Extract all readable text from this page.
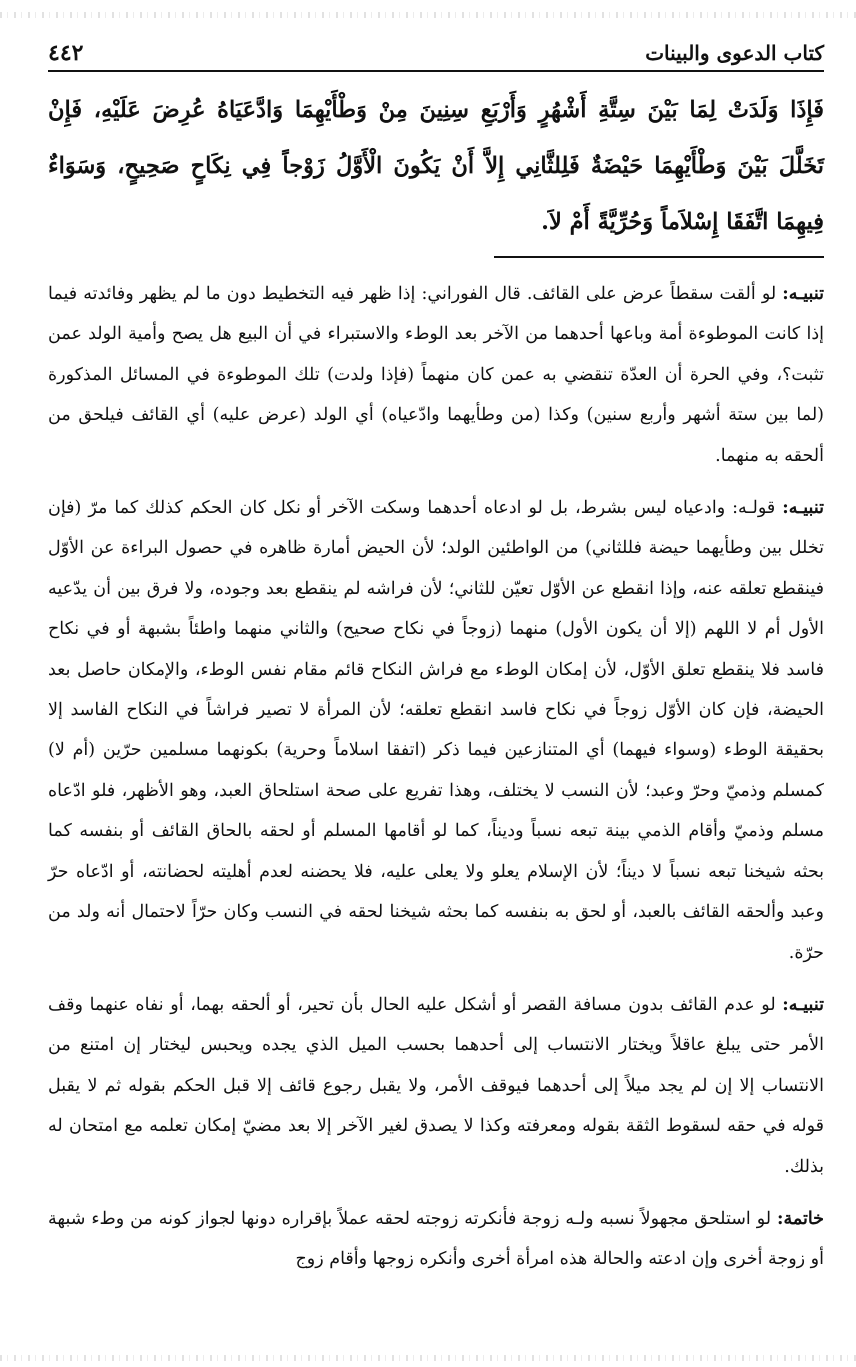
كتاب الدعوى والبينات
٤٤٢

فَإِذَا وَلَدَتْ لِمَا بَيْنَ سِتَّةِ أَشْهُرٍ وَأَرْبَعِ سِنِينَ مِنْ وَطْأَيْهِمَا وَادَّعَيَاهُ عُرِضَ عَلَيْهِ، فَإِنْ تَخَلَّلَ بَيْنَ وَطْأَيْهِمَا حَيْضَةٌ فَلِلثَّانِي إِلاَّ أَنْ يَكُونَ الْأَوَّلُ زَوْجاً فِي نِكَاحٍ صَحِيحٍ، وَسَوَاءٌ فِيهِمَا اتَّفَقَا إِسْلاَماً وَحُرِّيَّةً أَمْ لاَ.

تنبيـه: لو ألقت سقطاً عرض على القائف. قال الفوراني: إذا ظهر فيه التخطيط دون ما لم يظهر وفائدته فيما إذا كانت الموطوءة أمة وباعها أحدهما من الآخر بعد الوطء والاستبراء في أن البيع هل يصح وأمية الولد عمن تثبت؟، وفي الحرة أن العدّة تنقضي به عمن كان منهماً (فإذا ولدت) تلك الموطوءة في المسائل المذكورة (لما بين ستة أشهر وأربع سنين) وكذا (من وطأيهما وادّعياه) أي الولد (عرض عليه) أي القائف فيلحق من ألحقه به منهما.

تنبيـه: قولـه: وادعياه ليس بشرط، بل لو ادعاه أحدهما وسكت الآخر أو نكل كان الحكم كذلك كما مرّ (فإن تخلل بين وطأيهما حيضة فللثاني) من الواطئين الولد؛ لأن الحيض أمارة ظاهره في حصول البراءة عن الأوّل فينقطع تعلقه عنه، وإذا انقطع عن الأوّل تعيّن للثاني؛ لأن فراشه لم ينقطع بعد وجوده، ولا فرق بين أن يدّعيه الأول أم لا اللهم (إلا أن يكون الأول) منهما (زوجاً في نكاح صحيح) والثاني منهما واطئاً بشبهة أو في نكاح فاسد فلا ينقطع تعلق الأوّل، لأن إمكان الوطء مع فراش النكاح قائم مقام نفس الوطء، والإمكان حاصل بعد الحيضة، فإن كان الأوّل زوجاً في نكاح فاسد انقطع تعلقه؛ لأن المرأة لا تصير فراشاً في النكاح الفاسد إلا بحقيقة الوطء (وسواء فيهما) أي المتنازعين فيما ذكر (اتفقا اسلاماً وحرية) بكونهما مسلمين حرّين (أم لا) كمسلم وذميّ وحرّ وعبد؛ لأن النسب لا يختلف، وهذا تفريع على صحة استلحاق العبد، وهو الأظهر، فلو ادّعاه مسلم وذميّ وأقام الذمي بينة تبعه نسباً وديناً، كما لو أقامها المسلم أو لحقه بالحاق القائف أو بنفسه كما بحثه شيخنا تبعه نسباً لا ديناً؛ لأن الإسلام يعلو ولا يعلى عليه، فلا يحضنه لعدم أهليته لحضانته، أو ادّعاه حرّ وعبد وألحقه القائف بالعبد، أو لحق به بنفسه كما بحثه شيخنا لحقه في النسب وكان حرّاً لاحتمال أنه ولد من حرّة.

تنبيـه: لو عدم القائف بدون مسافة القصر أو أشكل عليه الحال بأن تحير، أو ألحقه بهما، أو نفاه عنهما وقف الأمر حتى يبلغ عاقلاً ويختار الانتساب إلى أحدهما بحسب الميل الذي يجده ويحبس ليختار إن امتنع من الانتساب إلا إن لم يجد ميلاً إلى أحدهما فيوقف الأمر، ولا يقبل رجوع قائف إلا قبل الحكم بقوله ثم لا يقبل قوله في حقه لسقوط الثقة بقوله ومعرفته وكذا لا يصدق لغير الآخر إلا بعد مضيّ إمكان تعلمه مع امتحان له بذلك.

خاتمة: لو استلحق مجهولاً نسبه ولـه زوجة فأنكرته زوجته لحقه عملاً بإقراره دونها لجواز كونه من وطء شبهة أو زوجة أخرى وإن ادعته والحالة هذه امرأة أخرى وأنكره زوجها وأقام زوج
